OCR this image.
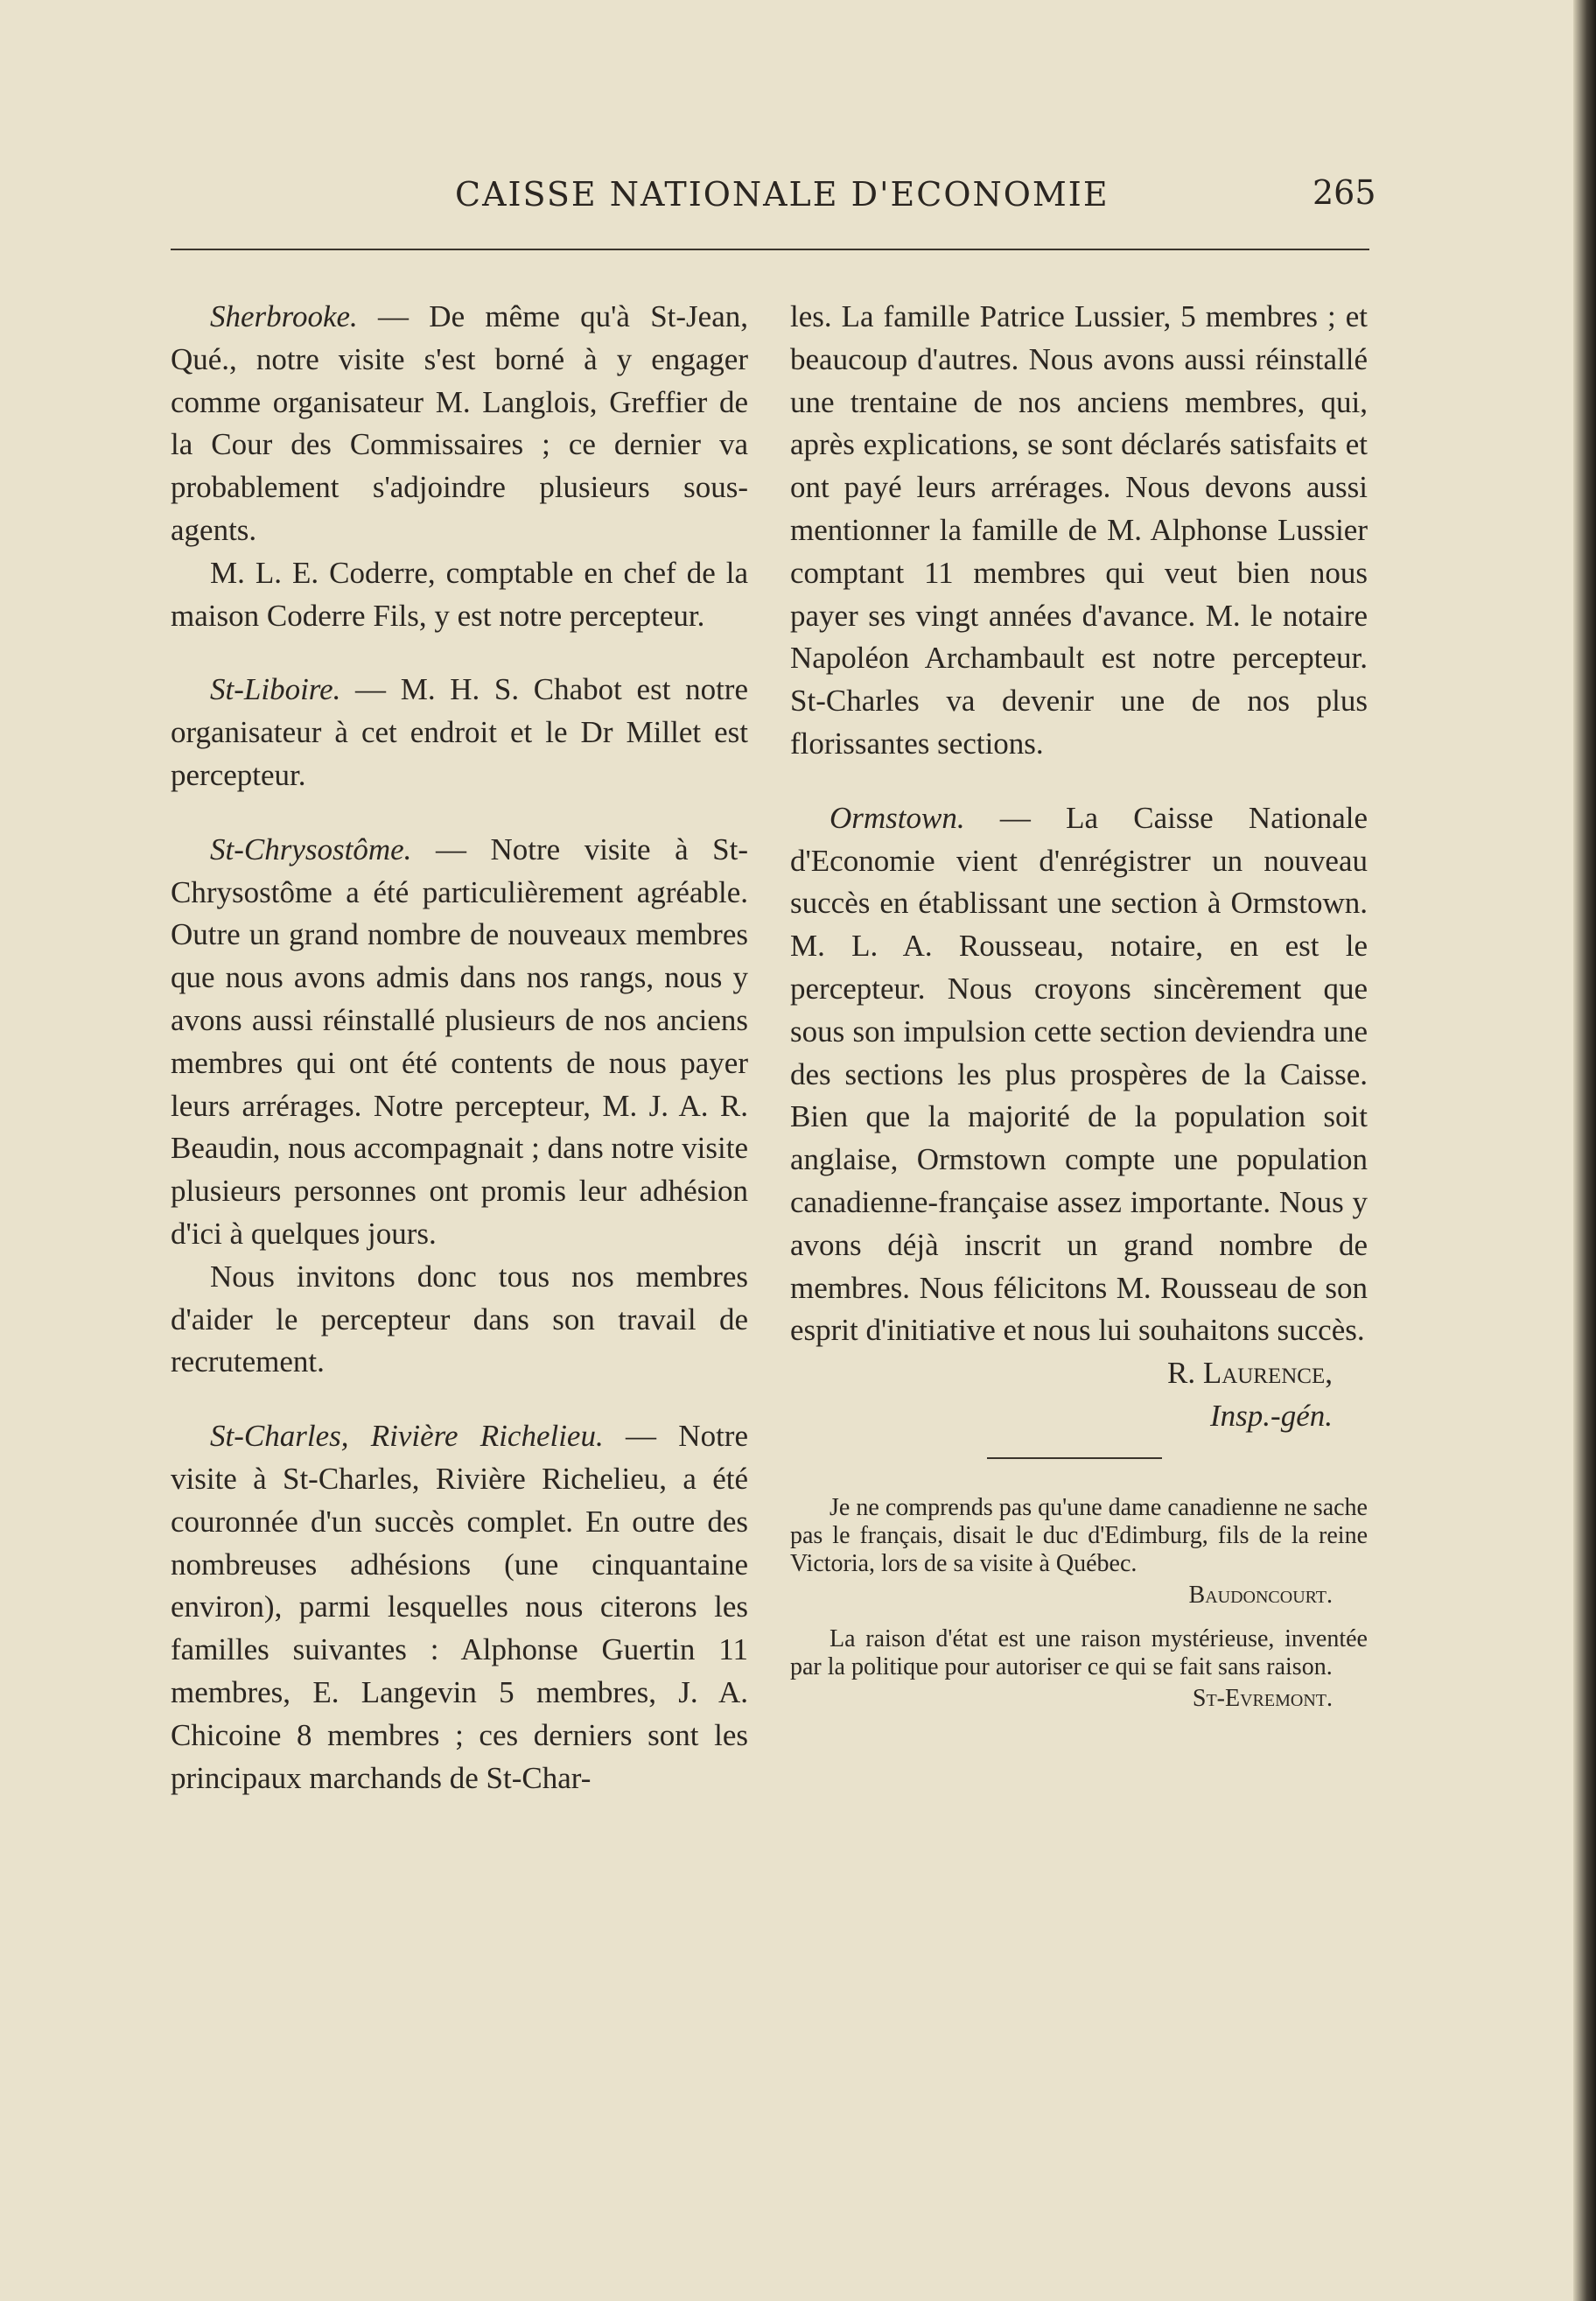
CAISSE NATIONALE D'ECONOMIE	265

Sherbrooke. — De même qu'à St-Jean, Qué., notre visite s'est borné à y engager comme organisateur M. Langlois, Greffier de la Cour des Commissaires ; ce dernier va probablement s'adjoindre plusieurs sous-agents.

M. L. E. Coderre, comptable en chef de la maison Coderre Fils, y est notre percepteur.

St-Liboire. — M. H. S. Chabot est notre organisateur à cet endroit et le Dr Millet est percepteur.

St-Chrysostôme. — Notre visite à St-Chrysostôme a été particulièrement agréable. Outre un grand nombre de nouveaux membres que nous avons admis dans nos rangs, nous y avons aussi réinstallé plusieurs de nos anciens membres qui ont été contents de nous payer leurs arrérages. Notre percepteur, M. J. A. R. Beaudin, nous accompagnait ; dans notre visite plusieurs personnes ont promis leur adhésion d'ici à quelques jours.

Nous invitons donc tous nos membres d'aider le percepteur dans son travail de recrutement.

St-Charles, Rivière Richelieu. — Notre visite à St-Charles, Rivière Richelieu, a été couronnée d'un succès complet. En outre des nombreuses adhésions (une cinquantaine environ), parmi lesquelles nous citerons les familles suivantes : Alphonse Guertin 11 membres, E. Langevin 5 membres, J. A. Chicoine 8 membres ; ces derniers sont les principaux marchands de St-Char-

les. La famille Patrice Lussier, 5 membres ; et beaucoup d'autres. Nous avons aussi réinstallé une trentaine de nos anciens membres, qui, après explications, se sont déclarés satisfaits et ont payé leurs arrérages. Nous devons aussi mentionner la famille de M. Alphonse Lussier comptant 11 membres qui veut bien nous payer ses vingt années d'avance. M. le notaire Napoléon Archambault est notre percepteur. St-Charles va devenir une de nos plus florissantes sections.

Ormstown. — La Caisse Nationale d'Economie vient d'enrégistrer un nouveau succès en établissant une section à Ormstown. M. L. A. Rousseau, notaire, en est le percepteur. Nous croyons sincèrement que sous son impulsion cette section deviendra une des sections les plus prospères de la Caisse. Bien que la majorité de la population soit anglaise, Ormstown compte une population canadienne-française assez importante. Nous y avons déjà inscrit un grand nombre de membres. Nous félicitons M. Rousseau de son esprit d'initiative et nous lui souhaitons succès.

R. Laurence,

Insp.-gén.

Je ne comprends pas qu'une dame canadienne ne sache pas le français, disait le duc d'Edimburg, fils de la reine Victoria, lors de sa visite à Québec.

Baudoncourt.

La raison d'état est une raison mystérieuse, inventée par la politique pour autoriser ce qui se fait sans raison.

St-Evremont.
